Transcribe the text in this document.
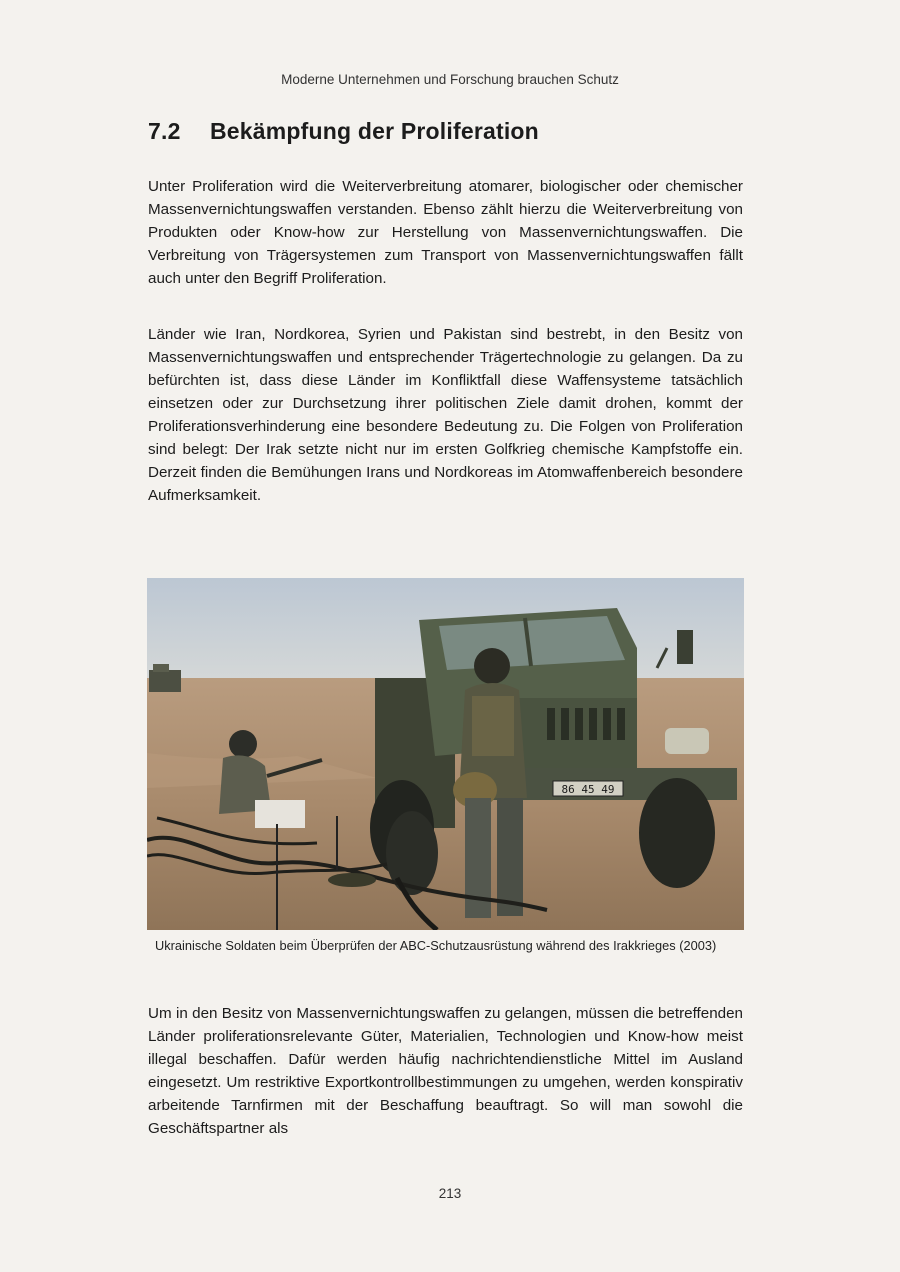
Moderne Unternehmen und Forschung brauchen Schutz
7.2 Bekämpfung der Proliferation

Unter Proliferation wird die Weiterverbreitung atomarer, biologischer oder chemischer Massenvernichtungswaffen verstanden. Ebenso zählt hierzu die Weiterverbreitung von Produkten oder Know-how zur Herstellung von Massenvernichtungswaffen. Die Verbreitung von Trägersystemen zum Transport von Massenvernichtungswaffen fällt auch unter den Begriff Proliferation.

Länder wie Iran, Nordkorea, Syrien und Pakistan sind bestrebt, in den Besitz von Massenvernichtungswaffen und entsprechender Trägertechnologie zu gelangen. Da zu befürchten ist, dass diese Länder im Konfliktfall diese Waffensysteme tatsächlich einsetzen oder zur Durchsetzung ihrer politischen Ziele damit drohen, kommt der Proliferationsverhinderung eine besondere Bedeutung zu. Die Folgen von Proliferation sind belegt: Der Irak setzte nicht nur im ersten Golfkrieg chemische Kampfstoffe ein. Derzeit finden die Bemühungen Irans und Nordkoreas im Atomwaffenbereich besondere Aufmerksamkeit.

86 45 49
Ukrainische Soldaten beim Überprüfen der ABC-Schutzausrüstung während des Irakkrieges (2003)

Um in den Besitz von Massenvernichtungswaffen zu gelangen, müssen die betreffenden Länder proliferationsrelevante Güter, Materialien, Technologien und Know-how meist illegal beschaffen. Dafür werden häufig nachrichtendienstliche Mittel im Ausland eingesetzt. Um restriktive Exportkontrollbestimmungen zu umgehen, werden konspirativ arbeitende Tarnfirmen mit der Beschaffung beauftragt. So will man sowohl die Geschäftspartner als

213
